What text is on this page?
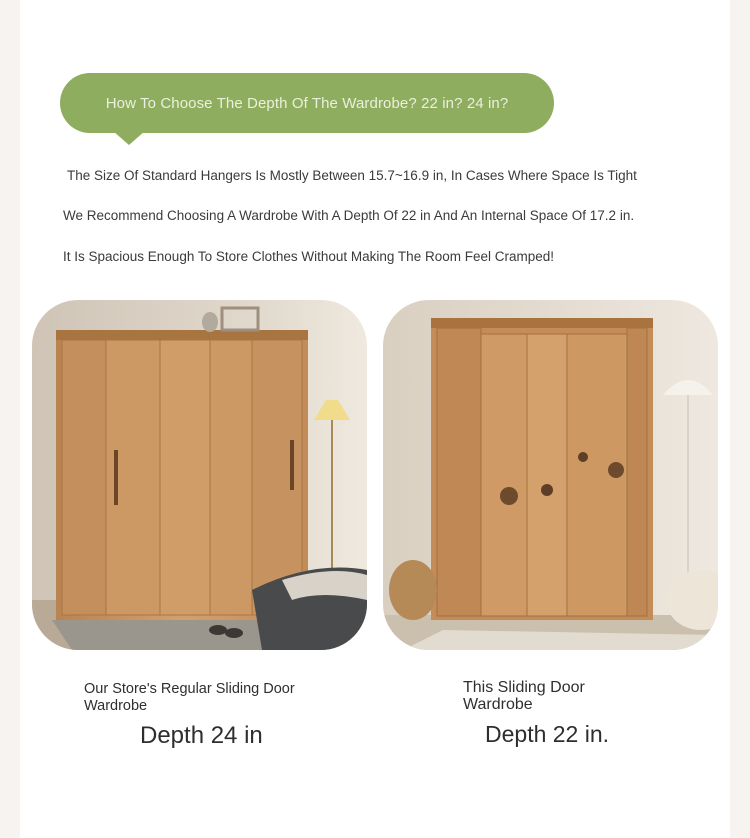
How To Choose The Depth Of The Wardrobe? 22 in? 24 in?
The Size Of Standard Hangers Is Mostly Between 15.7~16.9 in, In Cases Where Space Is Tight
We Recommend Choosing A Wardrobe With A Depth Of 22 in And An Internal Space Of 17.2 in.
It Is Spacious Enough To Store Clothes Without Making The Room Feel Cramped!
Our Store's Regular Sliding Door Wardrobe
Depth 24 in
This Sliding Door Wardrobe
Depth 22 in.
